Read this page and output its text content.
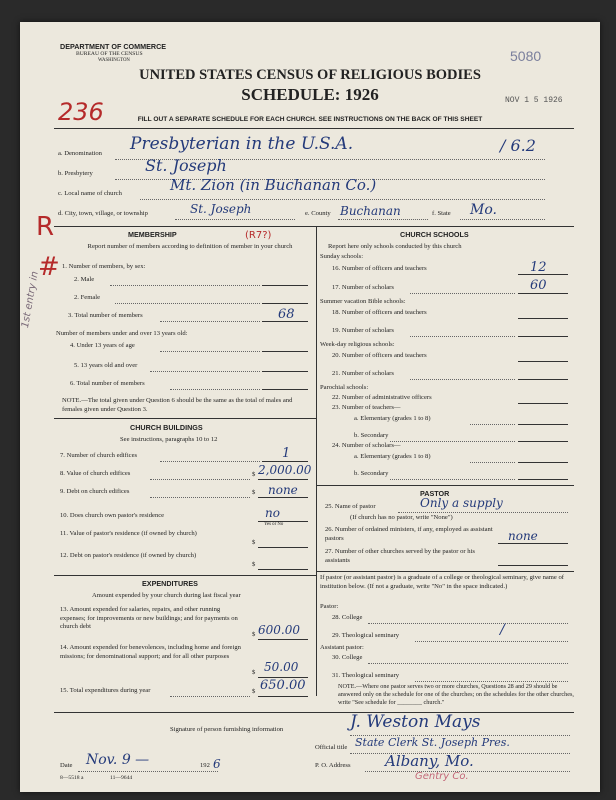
DEPARTMENT OF COMMERCE
BUREAU OF THE CENSUS
WASHINGTON
UNITED STATES CENSUS OF RELIGIOUS BODIES
SCHEDULE: 1926
FILL OUT A SEPARATE SCHEDULE FOR EACH CHURCH. SEE INSTRUCTIONS ON THE BACK OF THIS SHEET
5080
NOV 1 5 1926
236
a. Denomination Presbyterian in the U.S.A.	/ 6.2
b. Presbytery	St. Joseph
c. Local name of church	Mt. Zion (in Buchanan Co.)
d. City, town, village, or township	St. Joseph	e. County Buchanan	f. State Mo.
R
#
1st entry in
MEMBERSHIP	(R7?)
Report number of members according to definition of member in your church
1. Number of members, by sex:
2. Male
2. Female
3. Total number of members	68
Number of members under and over 13 years old:
4. Under 13 years of age
5. 13 years old and over
6. Total number of members
NOTE.—The total given under Question 6 should be the same as the total of males and females given under Question 3.
CHURCH BUILDINGS
See instructions, paragraphs 10 to 12
7. Number of church edifices	1
8. Value of church edifices	$ 2,000.00
9. Debt on church edifices	$ none
10. Does church own pastor's residence	no
Yes or No
11. Value of pastor's residence (if owned by church)
$
12. Debt on pastor's residence (if owned by church)
$
EXPENDITURES
Amount expended by your church during last fiscal year
13. Amount expended for salaries, repairs, and other running expenses; for improvements or new buildings; and for payments on church debt
$ 600.00
14. Amount expended for benevolences, including home and foreign missions; for denominational support; and for all other purposes
$ 50.00
15. Total expenditures during year	$ 650.00
CHURCH SCHOOLS
Report here only schools conducted by this church
Sunday schools:
16. Number of officers and teachers	12
17. Number of scholars	60
Summer vacation Bible schools:
18. Number of officers and teachers
19. Number of scholars
Week-day religious schools:
20. Number of officers and teachers
21. Number of scholars
Parochial schools:
22. Number of administrative officers
23. Number of teachers—
a. Elementary (grades 1 to 8)
b. Secondary
24. Number of scholars—
a. Elementary (grades 1 to 8)
b. Secondary
PASTOR
25. Name of pastor	Only a supply
(If church has no pastor, write "None")
26. Number of ordained ministers, if any, employed as assistant pastors	none
27. Number of other churches served by the pastor or his assistants
If pastor (or assistant pastor) is a graduate of a college or theological seminary, give name of institution below. (If not a graduate, write "No" in the space indicated.)
Pastor:
28. College
29. Theological seminary	/
Assistant pastor:
30. College
31. Theological seminary
NOTE.—Where one pastor serves two or more churches, Questions 28 and 29 should be answered only on the schedule for one of the churches; on the schedules for the other churches, write "See schedule for ________ church."
Signature of person furnishing information	J. Weston Mays
Official title State Clerk St. Joseph Pres.
Date Nov. 9 —	192 6
8—5518 a	11—9644
P. O. Address Albany, Mo.
Gentry Co.
